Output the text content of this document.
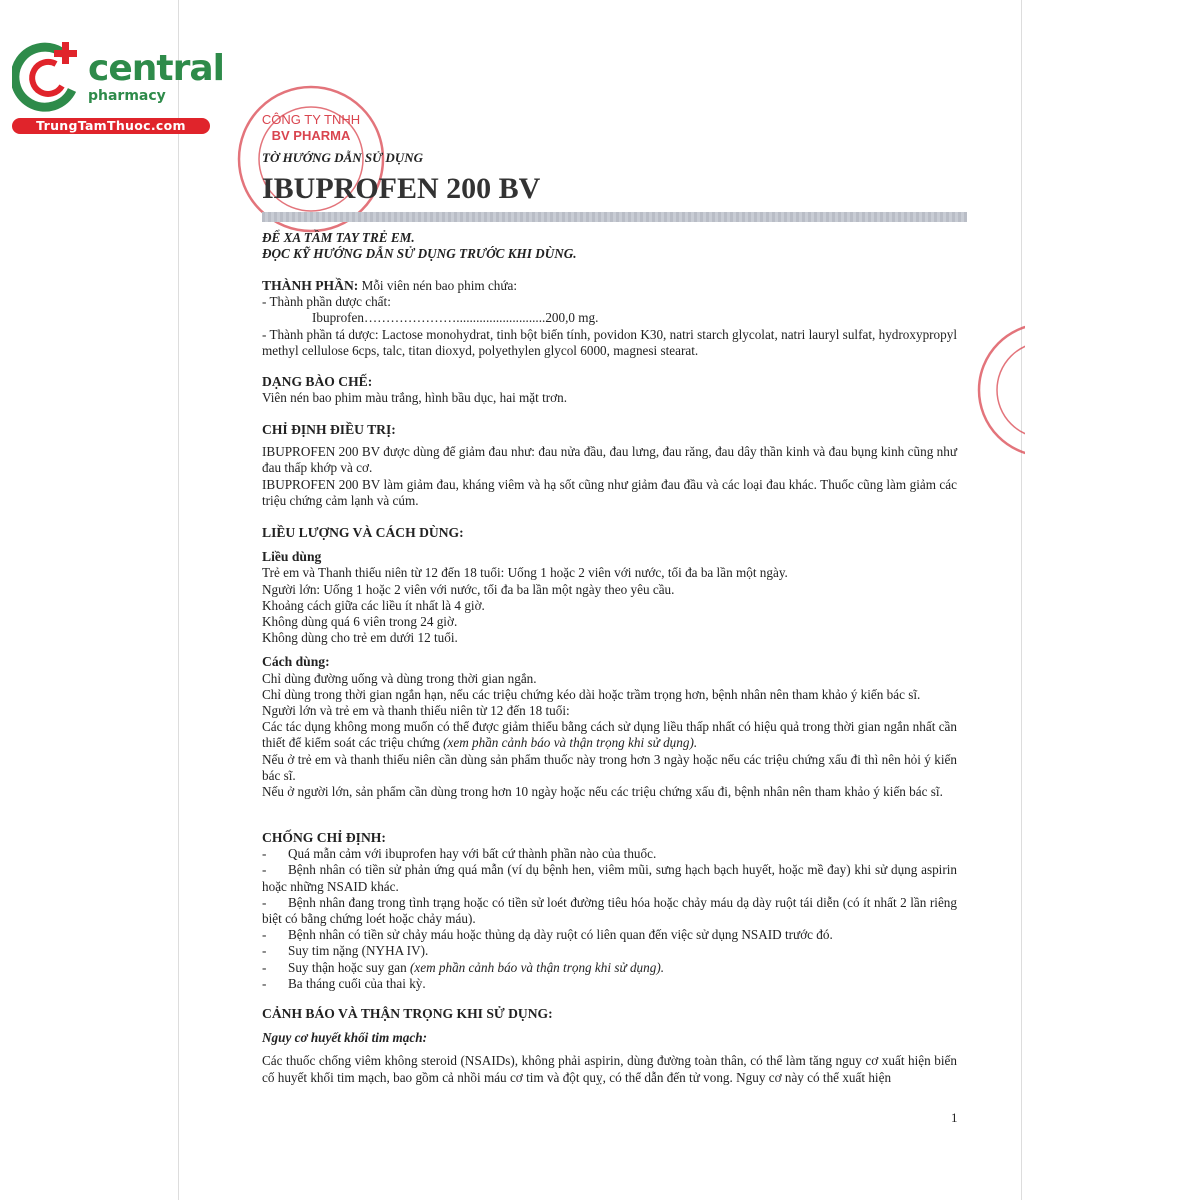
central
pharmacy
TrungTamThuoc.com	CÔNG TY TNHH
BV PHARMA
TỜ HƯỚNG DẪN SỬ DỤNG
IBUPROFEN 200 BV

ĐỂ XA TẦM TAY TRẺ EM.

ĐỌC KỸ HƯỚNG DẪN SỬ DỤNG TRƯỚC KHI DÙNG.

THÀNH PHẦN: Mỗi viên nén bao phim chứa:

- Thành phần dược chất:

Ibuprofen…………………...........................200,0 mg.

- Thành phần tá dược: Lactose monohydrat, tinh bột biến tính, povidon K30, natri starch glycolat, natri lauryl sulfat, hydroxypropyl methyl cellulose 6cps, talc, titan dioxyd, polyethylen glycol 6000, magnesi stearat.

DẠNG BÀO CHẾ:

Viên nén bao phim màu trắng, hình bầu dục, hai mặt trơn.

CHỈ ĐỊNH ĐIỀU TRỊ:

IBUPROFEN 200 BV được dùng để giảm đau như: đau nửa đầu, đau lưng, đau răng, đau dây thần kinh và đau bụng kinh cũng như đau thấp khớp và cơ.

IBUPROFEN 200 BV làm giảm đau, kháng viêm và hạ sốt cũng như giảm đau đầu và các loại đau khác. Thuốc cũng làm giảm các triệu chứng cảm lạnh và cúm.

LIỀU LƯỢNG VÀ CÁCH DÙNG:

Liều dùng

Trẻ em và Thanh thiếu niên từ 12 đến 18 tuổi: Uống 1 hoặc 2 viên với nước, tối đa ba lần một ngày.

Người lớn: Uống 1 hoặc 2 viên với nước, tối đa ba lần một ngày theo yêu cầu.

Khoảng cách giữa các liều ít nhất là 4 giờ.

Không dùng quá 6 viên trong 24 giờ.

Không dùng cho trẻ em dưới 12 tuổi.

Cách dùng:

Chỉ dùng đường uống và dùng trong thời gian ngắn.

Chỉ dùng trong thời gian ngắn hạn, nếu các triệu chứng kéo dài hoặc trầm trọng hơn, bệnh nhân nên tham khảo ý kiến bác sĩ.

Người lớn và trẻ em và thanh thiếu niên từ 12 đến 18 tuổi:

Các tác dụng không mong muốn có thể được giảm thiểu bằng cách sử dụng liều thấp nhất có hiệu quả trong thời gian ngắn nhất cần thiết để kiểm soát các triệu chứng (xem phần cảnh báo và thận trọng khi sử dụng).

Nếu ở trẻ em và thanh thiếu niên cần dùng sản phẩm thuốc này trong hơn 3 ngày hoặc nếu các triệu chứng xấu đi thì nên hỏi ý kiến bác sĩ.

Nếu ở người lớn, sản phẩm cần dùng trong hơn 10 ngày hoặc nếu các triệu chứng xấu đi, bệnh nhân nên tham khảo ý kiến bác sĩ.

CHỐNG CHỈ ĐỊNH:

-	Quá mẫn cảm với ibuprofen hay với bất cứ thành phần nào của thuốc.

- Bệnh nhân có tiền sử phản ứng quá mẫn (ví dụ bệnh hen, viêm mũi, sưng hạch bạch huyết, hoặc mề đay) khi sử dụng aspirin hoặc những NSAID khác.

- Bệnh nhân đang trong tình trạng hoặc có tiền sử loét đường tiêu hóa hoặc chảy máu dạ dày ruột tái diễn (có ít nhất 2 lần riêng biệt có bằng chứng loét hoặc chảy máu).

-	Bệnh nhân có tiền sử chảy máu hoặc thủng dạ dày ruột có liên quan đến việc sử dụng NSAID trước đó.

-	Suy tim nặng (NYHA IV).

-	Suy thận hoặc suy gan (xem phần cảnh báo và thận trọng khi sử dụng).

-	Ba tháng cuối của thai kỳ.

CẢNH BÁO VÀ THẬN TRỌNG KHI SỬ DỤNG:

Nguy cơ huyết khối tim mạch:

Các thuốc chống viêm không steroid (NSAIDs), không phải aspirin, dùng đường toàn thân, có thể làm tăng nguy cơ xuất hiện biến cố huyết khối tim mạch, bao gồm cả nhồi máu cơ tim và đột quỵ, có thể dẫn đến tử vong. Nguy cơ này có thể xuất hiện

1
